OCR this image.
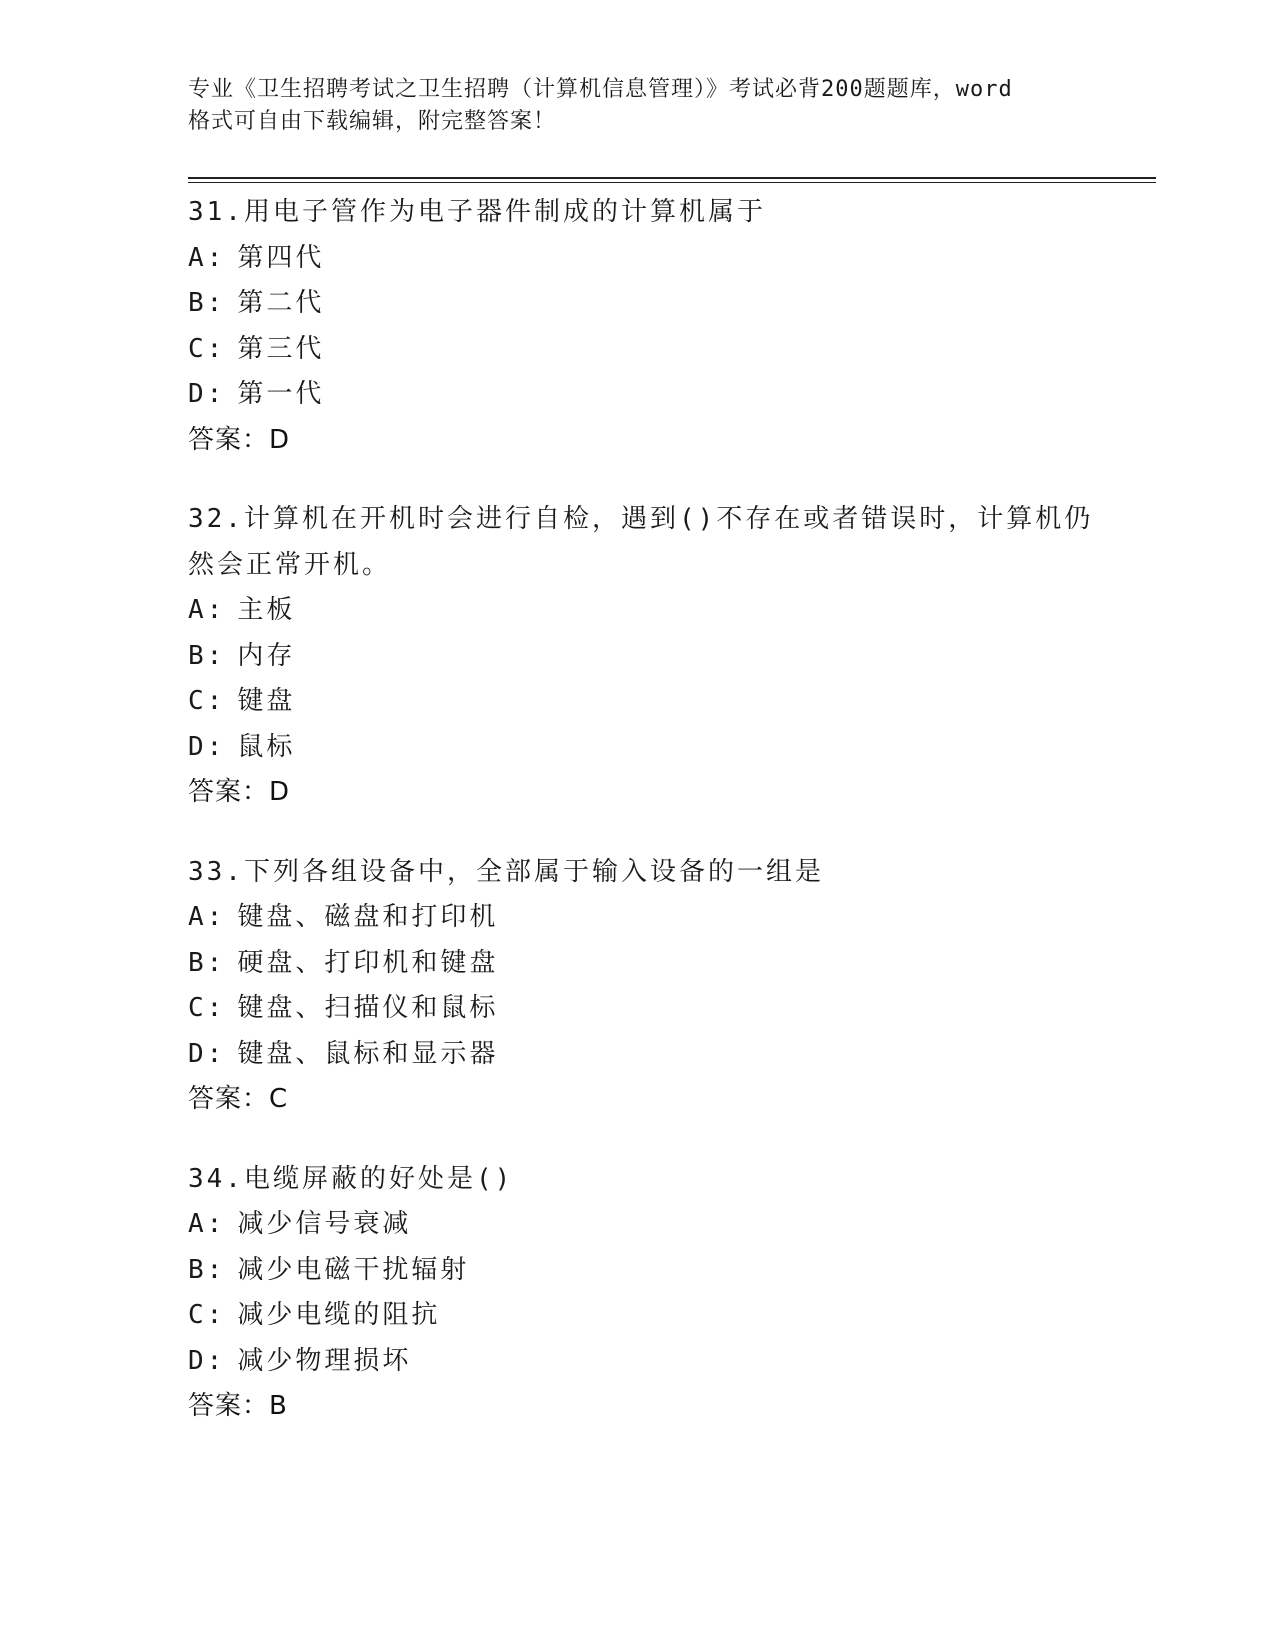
专业《卫生招聘考试之卫生招聘（计算机信息管理）》考试必背200题题库，word
格式可自由下载编辑，附完整答案！
31.用电子管作为电子器件制成的计算机属于
A: 第四代
B: 第二代
C: 第三代
D: 第一代
答案：D
32.计算机在开机时会进行自检，遇到()不存在或者错误时，计算机仍
然会正常开机。
A: 主板
B: 内存
C: 键盘
D: 鼠标
答案：D
33.下列各组设备中，全部属于输入设备的一组是
A: 键盘、磁盘和打印机
B: 硬盘、打印机和键盘
C: 键盘、扫描仪和鼠标
D: 键盘、鼠标和显示器
答案：C
34.电缆屏蔽的好处是()
A: 减少信号衰减
B: 减少电磁干扰辐射
C: 减少电缆的阻抗
D: 减少物理损坏
答案：B
